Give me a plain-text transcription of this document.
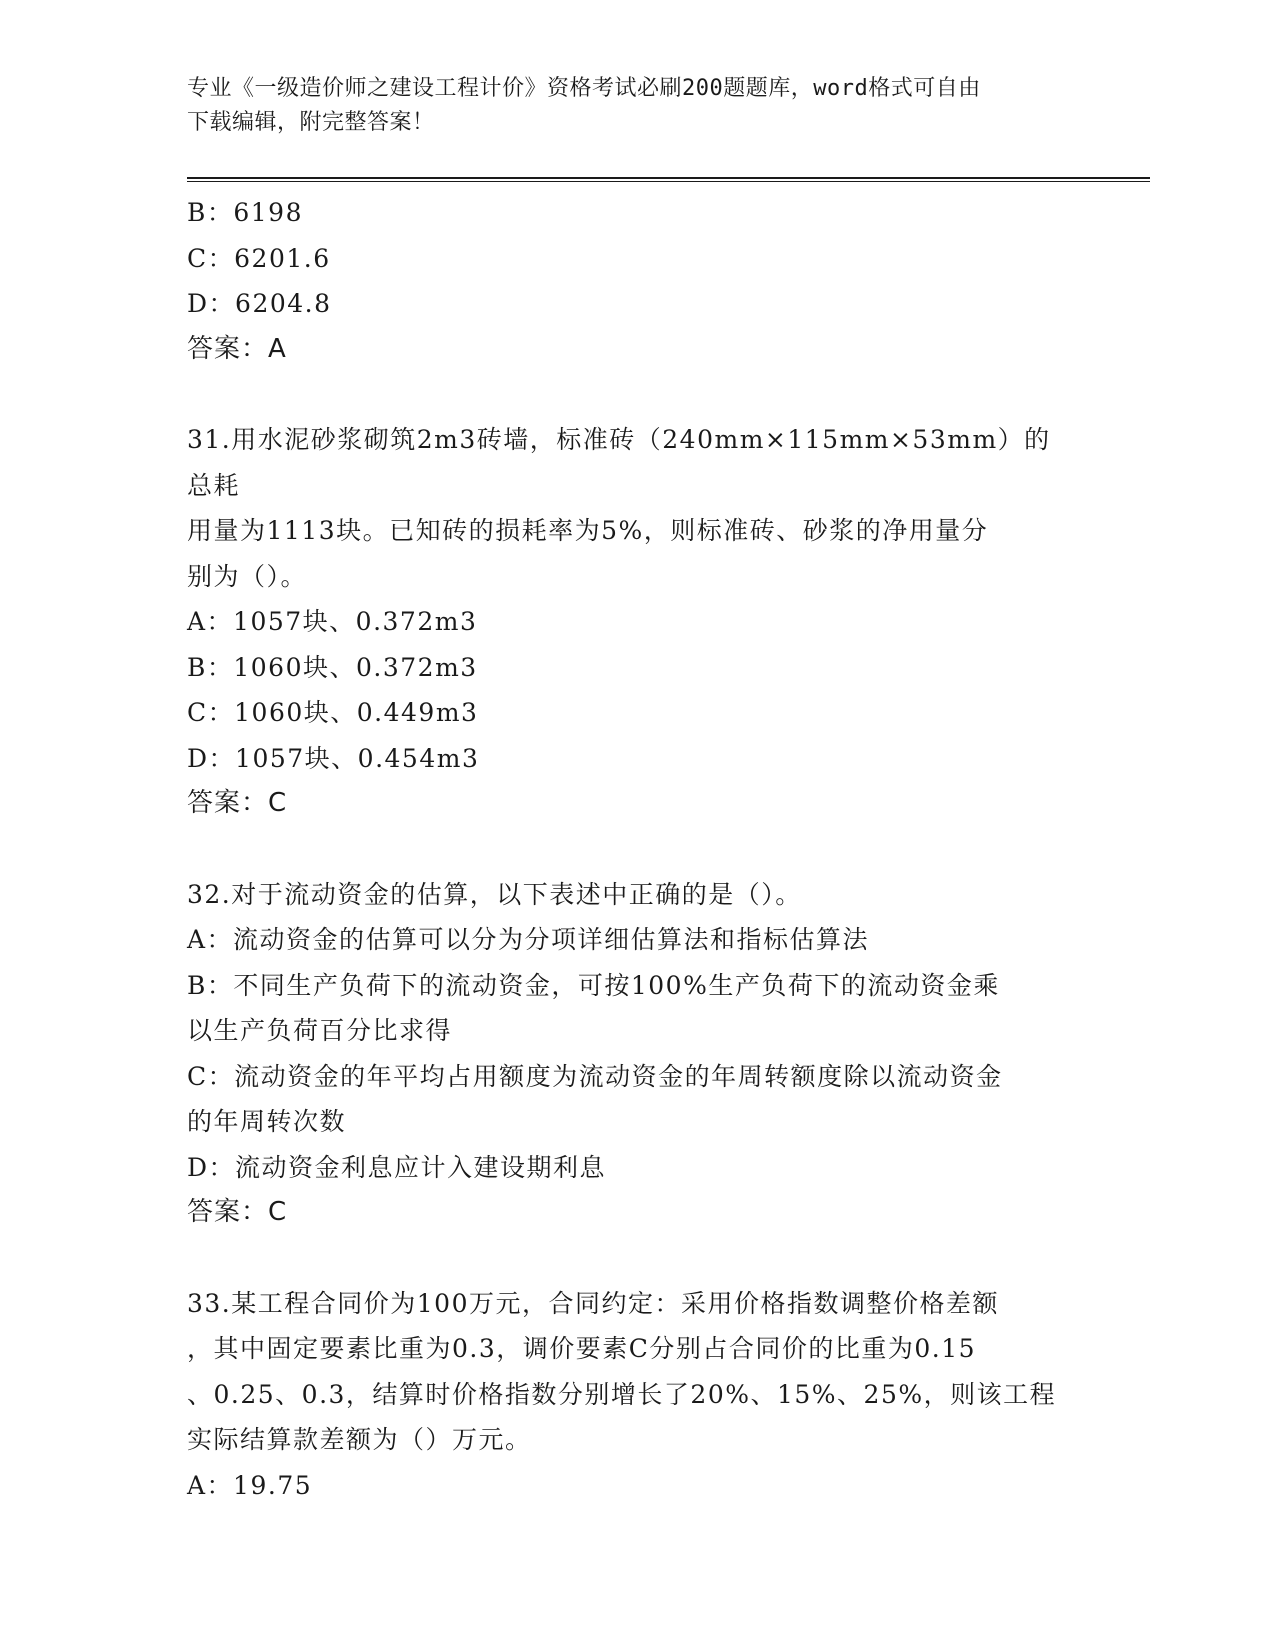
专业《一级造价师之建设工程计价》资格考试必刷200题题库，word格式可自由
下载编辑，附完整答案！
B：6198
C：6201.6
D：6204.8
答案：A
31.用水泥砂浆砌筑2m3砖墙，标准砖（240mm×115mm×53mm）的总耗
用量为1113块。已知砖的损耗率为5%，则标准砖、砂浆的净用量分
别为（）。
A：1057块、0.372m3
B：1060块、0.372m3
C：1060块、0.449m3
D：1057块、0.454m3
答案：C
32.对于流动资金的估算，以下表述中正确的是（）。
A：流动资金的估算可以分为分项详细估算法和指标估算法
B：不同生产负荷下的流动资金，可按100%生产负荷下的流动资金乘
以生产负荷百分比求得
C：流动资金的年平均占用额度为流动资金的年周转额度除以流动资金
的年周转次数
D：流动资金利息应计入建设期利息
答案：C
33.某工程合同价为100万元，合同约定：采用价格指数调整价格差额
，其中固定要素比重为0.3，调价要素C分别占合同价的比重为0.15
、0.25、0.3，结算时价格指数分别增长了20%、15%、25%，则该工程
实际结算款差额为（）万元。
A：19.75
